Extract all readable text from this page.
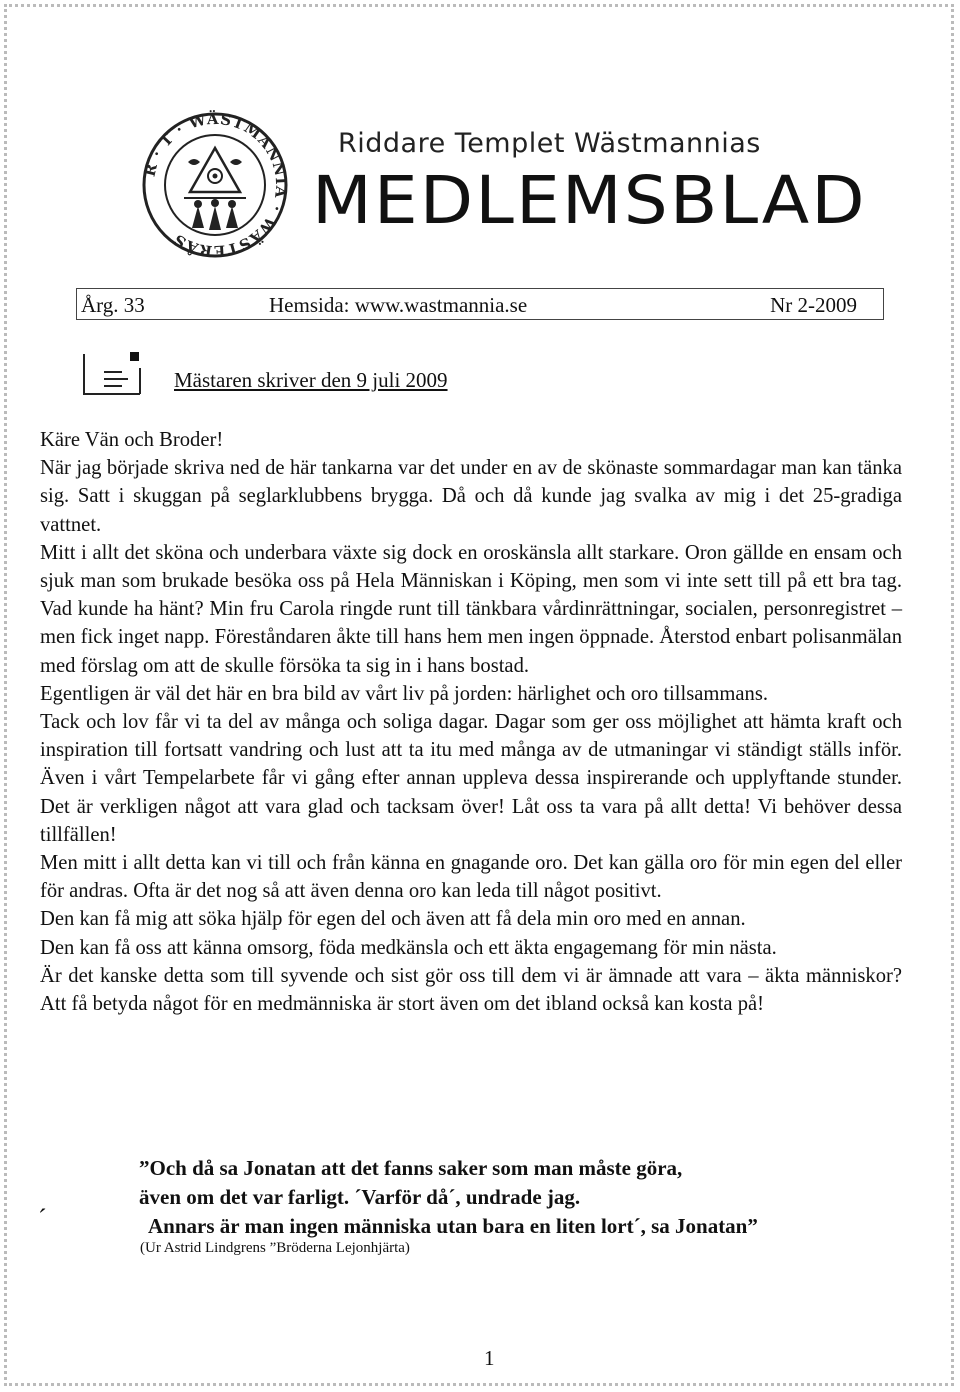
R · T · WÄSTMANNIA · WÄSTERÅS
Riddare Templet Wästmannias
MEDLEMSBLAD
Årg. 33	Hemsida: www.wastmannia.se	Nr 2-2009
Mästaren skriver den 9 juli 2009

Käre Vän och Broder!

När jag började skriva ned de här tankarna var det under en av de skönaste sommardagar man kan tänka sig. Satt i skuggan på seglarklubbens brygga. Då och då kunde jag svalka av mig i det 25-gradiga vattnet.

Mitt i allt det sköna och underbara växte sig dock en oroskänsla allt starkare. Oron gällde en ensam och sjuk man som brukade besöka oss på Hela Människan i Köping, men som vi inte sett till på ett bra tag. Vad kunde ha hänt? Min fru Carola ringde runt till tänkbara vårdinrättningar, socialen, personregistret – men fick inget napp. Föreståndaren åkte till hans hem men ingen öppnade. Återstod enbart polisanmälan med förslag om att de skulle försöka ta sig in i hans bostad.

Egentligen är väl det här en bra bild av vårt liv på jorden: härlighet och oro tillsammans.

Tack och lov får vi ta del av många och soliga dagar. Dagar som ger oss möjlighet att hämta kraft och inspiration till fortsatt vandring och lust att ta itu med många av de utmaningar vi ständigt ställs inför. Även i vårt Tempelarbete får vi gång efter annan uppleva dessa inspirerande och upplyftande stunder. Det är verkligen något att vara glad och tacksam över! Låt oss ta vara på allt detta! Vi behöver dessa tillfällen!

Men mitt i allt detta kan vi till och från känna en gnagande oro. Det kan gälla oro för min egen del eller för andras. Ofta är det nog så att även denna oro kan leda till något positivt.

Den kan få mig att söka hjälp för egen del och även att få dela min oro med en annan.

Den kan få oss att känna omsorg, föda medkänsla och ett äkta engagemang för min nästa.

Är det kanske detta som till syvende och sist gör oss till dem vi är ämnade att vara – äkta människor? Att få betyda något för en medmänniska är stort även om det ibland också kan kosta på!

”Och då sa Jonatan att det fanns saker som man måste göra,
även om det var farligt. ´Varför då´, undrade jag.
´	Annars är man ingen människa utan bara en liten lort´, sa Jonatan”
(Ur Astrid Lindgrens ”Bröderna Lejonhjärta)
1
